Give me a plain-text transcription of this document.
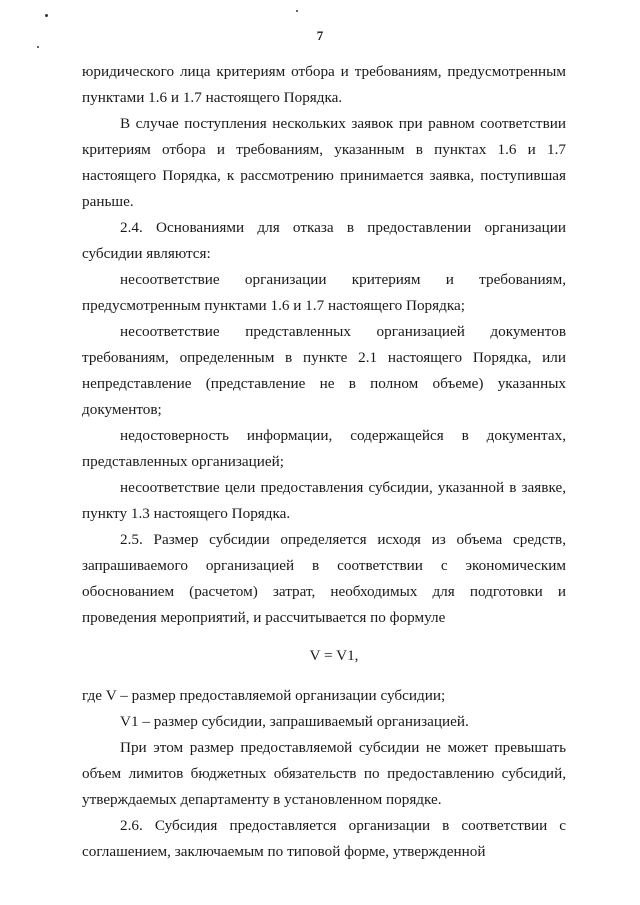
7

юридического лица критериям отбора и требованиям, предусмотренным пунктами 1.6 и 1.7 настоящего Порядка.

В случае поступления нескольких заявок при равном соответствии критериям отбора и требованиям, указанным в пунктах 1.6 и 1.7 настоящего Порядка, к рассмотрению принимается заявка, поступившая раньше.

2.4. Основаниями для отказа в предоставлении организации субсидии являются:

несоответствие организации критериям и требованиям, предусмотренным пунктами 1.6 и 1.7 настоящего Порядка;

несоответствие представленных организацией документов требованиям, определенным в пункте 2.1 настоящего Порядка, или непредставление (представление не в полном объеме) указанных документов;

недостоверность информации, содержащейся в документах, представленных организацией;

несоответствие цели предоставления субсидии, указанной в заявке, пункту 1.3 настоящего Порядка.

2.5. Размер субсидии определяется исходя из объема средств, запрашиваемого организацией в соответствии с экономическим обоснованием (расчетом) затрат, необходимых для подготовки и проведения мероприятий, и рассчитывается по формуле

V = V1,

где V – размер предоставляемой организации субсидии;

V1 – размер субсидии, запрашиваемый организацией.

При этом размер предоставляемой субсидии не может превышать объем лимитов бюджетных обязательств по предоставлению субсидий, утверждаемых департаменту в установленном порядке.

2.6. Субсидия предоставляется организации в соответствии с соглашением, заключаемым по типовой форме, утвержденной
